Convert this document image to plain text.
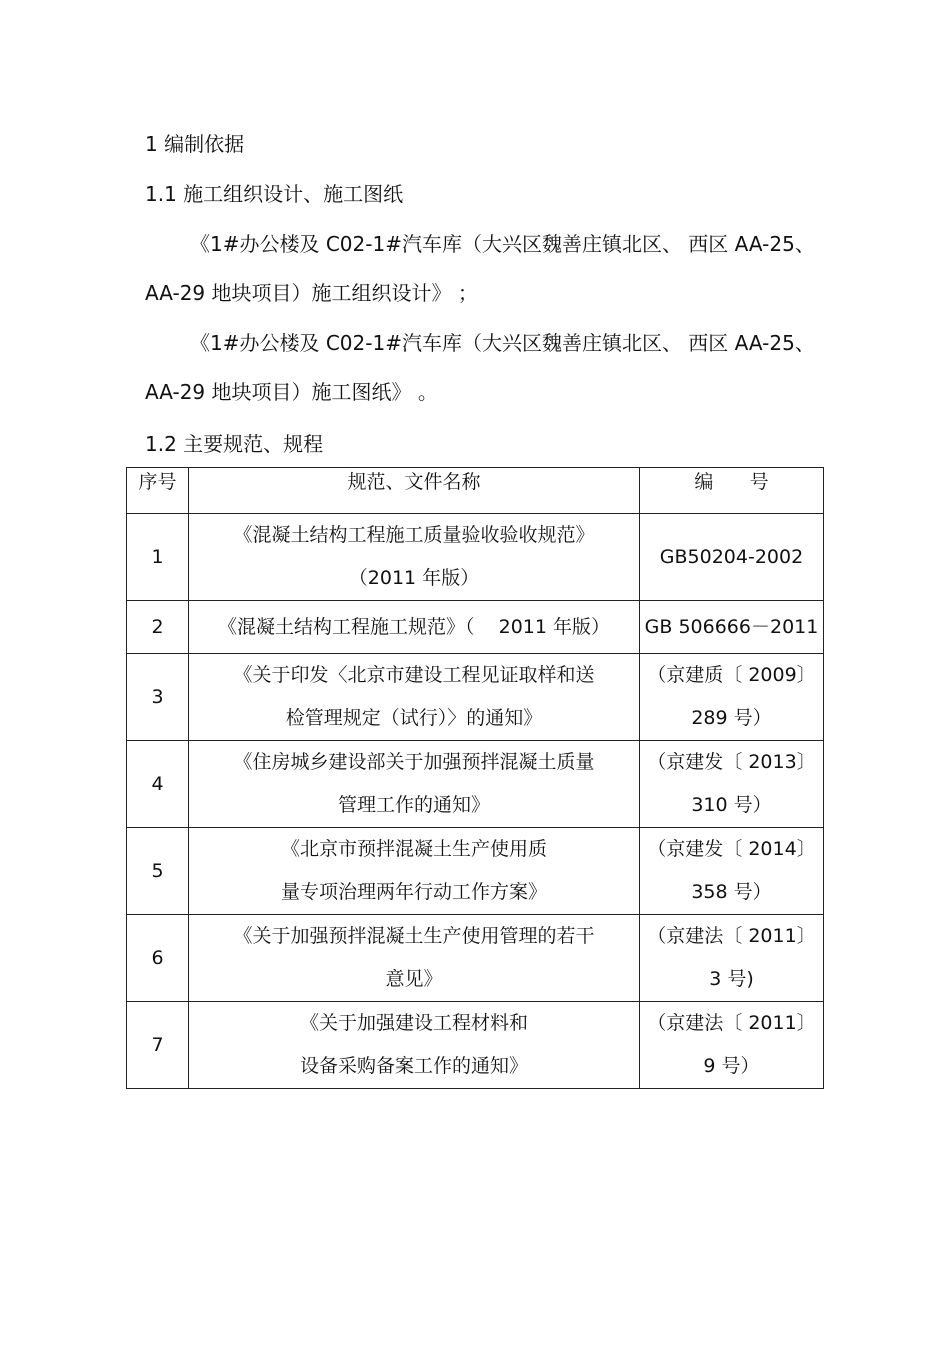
1 编制依据
1.1 施工组织设计、施工图纸
《1#办公楼及 C02-1#汽车库（大兴区魏善庄镇北区、 西区 AA-25、
AA-29 地块项目）施工组织设计》 ；
《1#办公楼及 C02-1#汽车库（大兴区魏善庄镇北区、 西区 AA-25、
AA-29 地块项目）施工图纸》 。
1.2 主要规范、规程
序号	规范、文件名称	编      号
1	《混凝土结构工程施工质量验收验收规范》
（2011 年版）	GB50204-2002

2	《混凝土结构工程施工规范》（    2011 年版）	GB 506666－2011

3	《关于印发〈北京市建设工程见证取样和送
检管理规定（试行）〉的通知》	（京建质〔 2009〕
289 号）

4	《住房城乡建设部关于加强预拌混凝土质量
管理工作的通知》	（京建发〔 2013〕
310 号）

5	《北京市预拌混凝土生产使用质
量专项治理两年行动工作方案》	（京建发〔 2014〕
358 号）

6	《关于加强预拌混凝土生产使用管理的若干
意见》	（京建法〔 2011〕
3 号)

7	《关于加强建设工程材料和
设备采购备案工作的通知》	（京建法〔 2011〕
9 号）
